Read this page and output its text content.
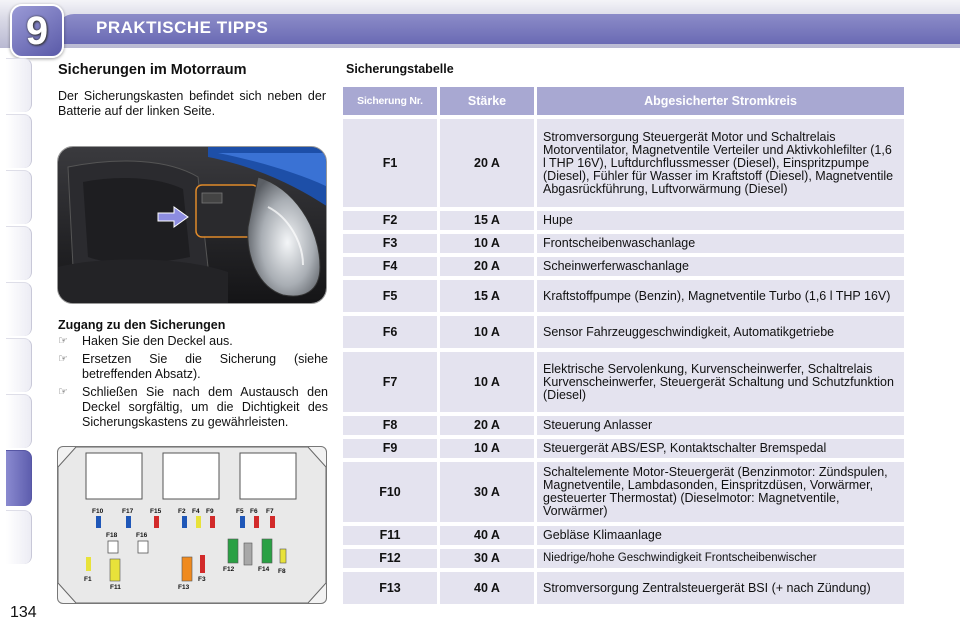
PRAKTISCHE TIPPS
9
134
Sicherungen im Motorraum
Der Sicherungskasten befindet sich neben der Batterie auf der linken Seite.
Zugang zu den Sicherungen
☞ Haken Sie den Deckel aus.
☞ Ersetzen Sie die Sicherung (siehe betreffenden Absatz).
☞ Schließen Sie nach dem Austausch den Deckel sorgfältig, um die Dichtigkeit des Sicherungskastens zu gewährleisten.
F10	F17	F15	F2 F4 F9	F5 F6 F7
F18	F16
F1
F11	F13
F3
F12	F14 F8
Sicherungstabelle
Sicherung Nr.	Stärke	Abgesicherter Stromkreis
F1	20 A
Stromversorgung Steuergerät Motor und Schaltrelais Motorventilator, Magnetventile Verteiler und Aktivkohlefilter (1,6 l THP 16V), Luftdurchflussmesser (Diesel), Einspritzpumpe (Diesel), Fühler für Wasser im Kraftstoff (Diesel), Magnetventile Abgasrückführung, Luftvorwärmung (Diesel)
F2	15 A	Hupe
F3	10 A	Frontscheibenwaschanlage
F4	20 A	Scheinwerferwaschanlage
F5	15 A	Kraftstoffpumpe (Benzin), Magnetventile Turbo (1,6 l THP 16V)
F6	10 A	Sensor Fahrzeuggeschwindigkeit, Automatikgetriebe
F7	10 A
Elektrische Servolenkung, Kurvenscheinwerfer, Schaltrelais Kurvenscheinwerfer, Steuergerät Schaltung und Schutzfunktion (Diesel)
F8	20 A	Steuerung Anlasser
F9	10 A	Steuergerät ABS/ESP, Kontaktschalter Bremspedal
F10	30 A
Schaltelemente Motor-Steuergerät (Benzinmotor: Zündspulen, Magnetventile, Lambdasonden, Einspritzdüsen, Vorwärmer, gesteuerter Thermostat) (Dieselmotor: Magnetventile, Vorwärmer)
F11	40 A	Gebläse Klimaanlage
F12	30 A	Niedrige/hohe Geschwindigkeit Frontscheibenwischer
F13	40 A	Stromversorgung Zentralsteuergerät BSI (+ nach Zündung)
